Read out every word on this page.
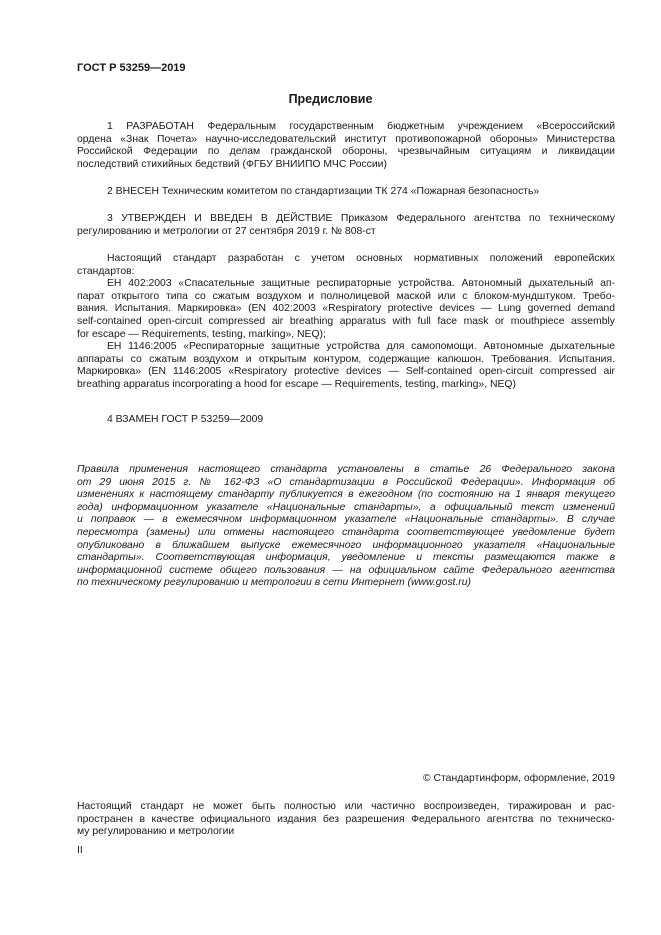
ГОСТ Р 53259—2019
Предисловие
1 РАЗРАБОТАН Федеральным государственным бюджетным учреждением «Всероссийский
ордена «Знак Почета» научно-исследовательский институт противопожарной обороны» Министерства
Российской Федерации по делам гражданской обороны, чрезвычайным ситуациям и ликвидации
последствий стихийных бедствий (ФГБУ ВНИИПО МЧС России)
2 ВНЕСЕН Техническим комитетом по стандартизации ТК 274 «Пожарная безопасность»
3 УТВЕРЖДЕН И ВВЕДЕН В ДЕЙСТВИЕ Приказом Федерального агентства по техническому
регулированию и метрологии от 27 сентября 2019 г. № 808-ст
Настоящий стандарт разработан с учетом основных нормативных положений европейских
стандартов:
ЕН 402:2003 «Спасательные защитные респираторные устройства. Автономный дыхательный ап-
парат открытого типа со сжатым воздухом и полнолицевой маской или с блоком-мундштуком. Требо-
вания. Испытания. Маркировка» (EN 402:2003 «Respiratory protective devices — Lung governed demand
self-contained open-circuit compressed air breathing apparatus with full face mask or mouthpiece assembly
for escape — Requirements, testing, marking», NEQ);
ЕН 1146:2005 «Респираторные защитные устройства для самопомощи. Автономные дыхательные
аппараты со сжатым воздухом и открытым контуром, содержащие капюшон. Требования. Испытания.
Маркировка» (EN 1146:2005 «Respiratory protective devices — Self-contained open-circuit compressed air
breathing apparatus incorporating a hood for escape — Requirements, testing, marking», NEQ)
4 ВЗАМЕН ГОСТ Р 53259—2009
Правила применения настоящего стандарта установлены в статье 26 Федерального закона
от 29 июня 2015 г. № 162-ФЗ «О стандартизации в Российской Федерации». Информация об
изменениях к настоящему стандарту публикуется в ежегодном (по состоянию на 1 января текущего
года) информационном указателе «Национальные стандарты», а официальный текст изменений
и поправок — в ежемесячном информационном указателе «Национальные стандарты». В случае
пересмотра (замены) или отмены настоящего стандарта соответствующее уведомление будет
опубликовано в ближайшем выпуске ежемесячного информационного указателя «Национальные
стандарты». Соответствующая информация, уведомление и тексты размещаются также в
информационной системе общего пользования — на официальном сайте Федерального агентства
по техническому регулированию и метрологии в сети Интернет (www.gost.ru)
© Стандартинформ, оформление, 2019
Настоящий стандарт не может быть полностью или частично воспроизведен, тиражирован и рас-
пространен в качестве официального издания без разрешения Федерального агентства по техническо-
му регулированию и метрологии
II
